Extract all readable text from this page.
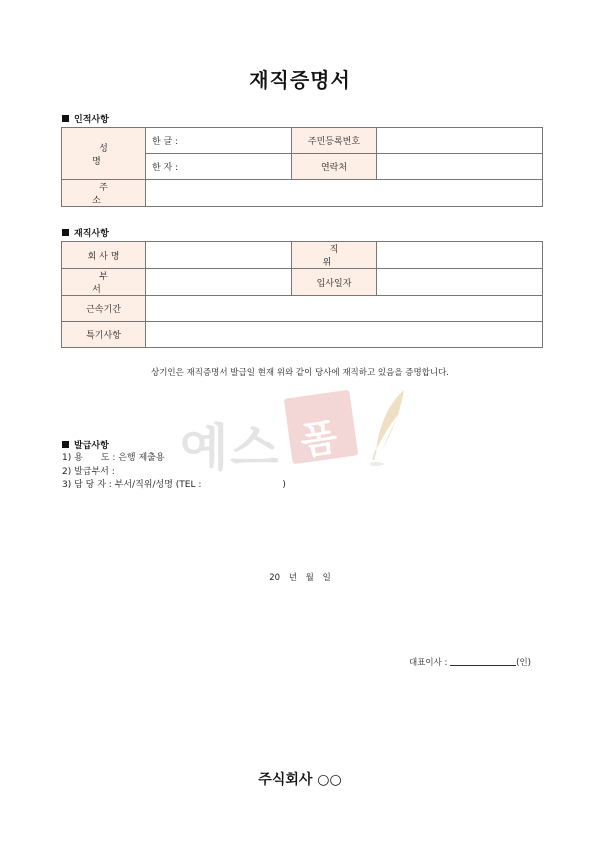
재직증명서
인적사항
성 명	한 글 :	주민등록번호	
	한 자 :	연락처	
주 소			
재직사항
회 사 명		직 위	
부 서		입사일자	
근속기간			
특기사항			
상기인은 재직증명서 발급일 현재 위와 같이 당사에 재직하고 있음을 증명합니다.
예스 폼
발급사항
1) 용　　도 : 은행 제출용
2) 발급부서 :
3) 담 당 자 : 부서/직위/성명 (TEL :　　　　　　　　　)
20 년 월 일
대표이사 :	(인)
주식회사 ○○
